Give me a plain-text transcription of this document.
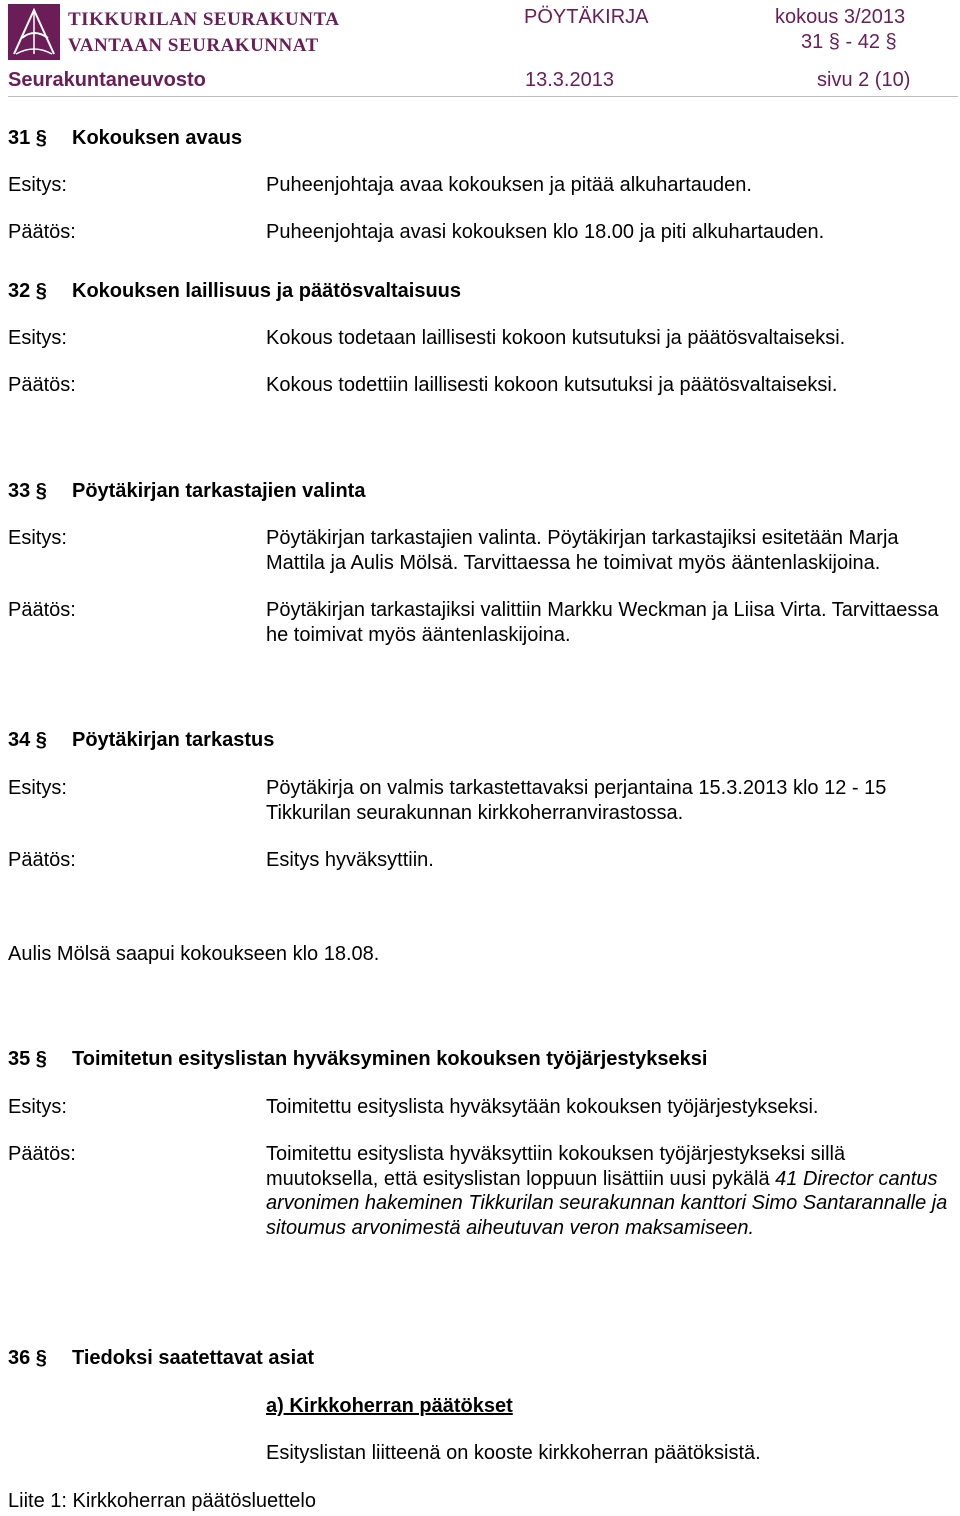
TIKKURILAN SEURAKUNTA
VANTAAN SEURAKUNNAT
PÖYTÄKIRJA	kokous 3/2013
31 § - 42 §
Seurakuntaneuvosto	13.3.2013	sivu 2 (10)
31 § Kokouksen avaus
Esitys:	Puheenjohtaja avaa kokouksen ja pitää alkuhartauden.
Päätös:	Puheenjohtaja avasi kokouksen klo 18.00 ja piti alkuhartauden.
32 § Kokouksen laillisuus ja päätösvaltaisuus
Esitys:	Kokous todetaan laillisesti kokoon kutsutuksi ja päätösvaltaiseksi.
Päätös:	Kokous todettiin laillisesti kokoon kutsutuksi ja päätösvaltaiseksi.
33 § Pöytäkirjan tarkastajien valinta
Esitys:	Pöytäkirjan tarkastajien valinta. Pöytäkirjan tarkastajiksi esitetään Marja Mattila ja Aulis Mölsä. Tarvittaessa he toimivat myös ääntenlaskijoina.
Päätös:	Pöytäkirjan tarkastajiksi valittiin Markku Weckman ja Liisa Virta. Tarvittaessa he toimivat myös ääntenlaskijoina.
34 § Pöytäkirjan tarkastus
Esitys:	Pöytäkirja on valmis tarkastettavaksi perjantaina 15.3.2013 klo 12 - 15 Tikkurilan seurakunnan kirkkoherranvirastossa.
Päätös:	Esitys hyväksyttiin.
Aulis Mölsä saapui kokoukseen klo 18.08.
35 § Toimitetun esityslistan hyväksyminen kokouksen työjärjestykseksi
Esitys:	Toimitettu esityslista hyväksytään kokouksen työjärjestykseksi.
Päätös:	Toimitettu esityslista hyväksyttiin kokouksen työjärjestykseksi sillä muutoksella, että esityslistan loppuun lisättiin uusi pykälä 41 Director cantus arvonimen hakeminen Tikkurilan seurakunnan kanttori Simo Santarannalle ja sitoumus arvonimestä aiheutuvan veron maksamiseen.
36 § Tiedoksi saatettavat asiat
a) Kirkkoherran päätökset
Esityslistan liitteenä on kooste kirkkoherran päätöksistä.
Liite 1: Kirkkoherran päätösluettelo
